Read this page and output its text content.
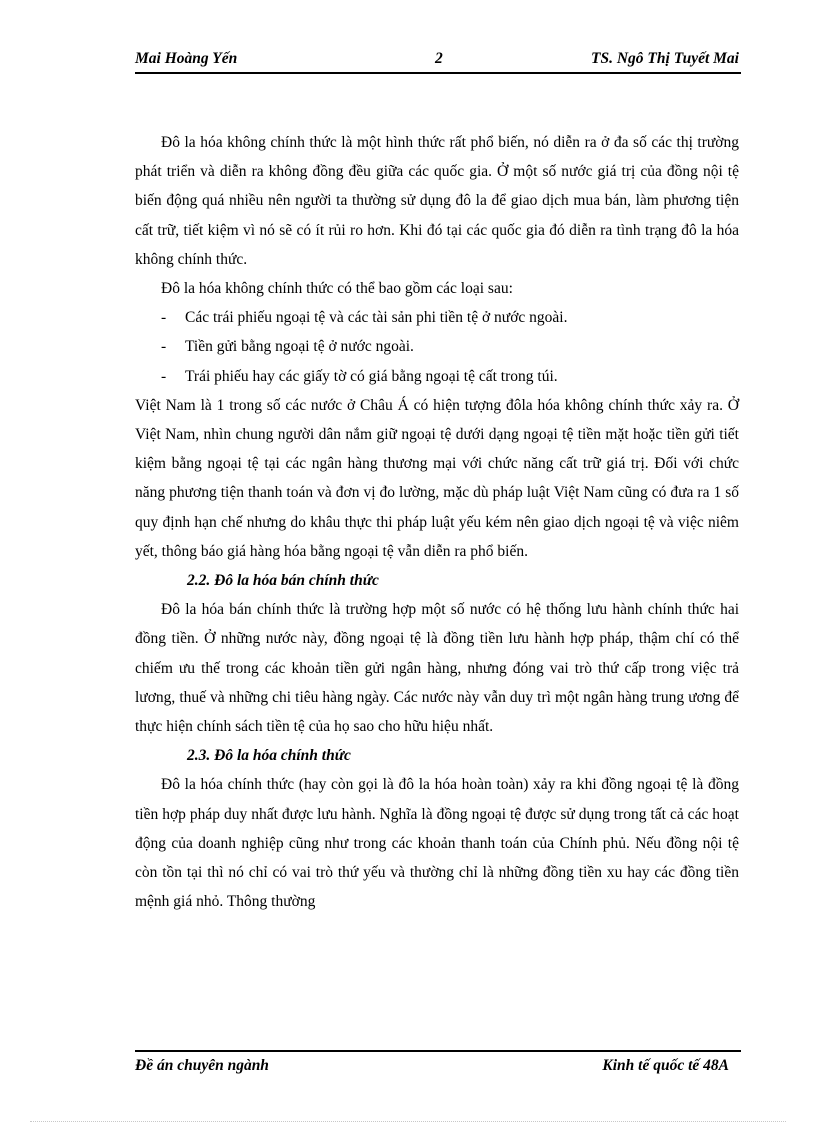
Mai Hoàng Yến	2	TS. Ngô Thị Tuyết Mai

Đô la hóa không chính thức là một hình thức rất phổ biến, nó diễn ra ở đa số các thị trường phát triển và diễn ra không đồng đều giữa các quốc gia. Ở một số nước giá trị của đồng nội tệ biến động quá nhiều nên người ta thường sử dụng đô la để giao dịch mua bán, làm phương tiện cất trữ, tiết kiệm vì nó sẽ có ít rủi ro hơn. Khi đó tại các quốc gia đó diễn ra tình trạng đô la hóa không chính thức.

Đô la hóa không chính thức có thể bao gồm các loại sau:

- Các trái phiếu ngoại tệ và các tài sản phi tiền tệ ở nước ngoài.
- Tiền gửi bằng ngoại tệ ở nước ngoài.
- Trái phiếu hay các giấy tờ có giá bằng ngoại tệ cất trong túi.

Việt Nam là 1 trong số các nước ở Châu Á có hiện tượng đôla hóa không chính thức xảy ra. Ở Việt Nam, nhìn chung người dân nắm giữ ngoại tệ dưới dạng ngoại tệ tiền mặt hoặc tiền gửi tiết kiệm bằng ngoại tệ tại các ngân hàng thương mại với chức năng cất trữ giá trị. Đối với chức năng phương tiện thanh toán và đơn vị đo lường, mặc dù pháp luật Việt Nam cũng có đưa ra 1 số quy định hạn chế nhưng do khâu thực thi pháp luật yếu kém nên giao dịch ngoại tệ và việc niêm yết, thông báo giá hàng hóa bằng ngoại tệ vẫn diễn ra phổ biến.

2.2. Đô la hóa bán chính thức

Đô la hóa bán chính thức là trường hợp một số nước có hệ thống lưu hành chính thức hai đồng tiền. Ở những nước này, đồng ngoại tệ là đồng tiền lưu hành hợp pháp, thậm chí có thể chiếm ưu thế trong các khoản tiền gửi ngân hàng, nhưng đóng vai trò thứ cấp trong việc trả lương, thuế và những chi tiêu hàng ngày. Các nước này vẫn duy trì một ngân hàng trung ương để thực hiện chính sách tiền tệ của họ sao cho hữu hiệu nhất.

2.3. Đô la hóa chính thức

Đô la hóa chính thức (hay còn gọi là đô la hóa hoàn toàn) xảy ra khi đồng ngoại tệ là đồng tiền hợp pháp duy nhất được lưu hành. Nghĩa là đồng ngoại tệ được sử dụng trong tất cả các hoạt động của doanh nghiệp cũng như trong các khoản thanh toán của Chính phủ. Nếu đồng nội tệ còn tồn tại thì nó chỉ có vai trò thứ yếu và thường chỉ là những đồng tiền xu hay các đồng tiền mệnh giá nhỏ. Thông thường

Đề án chuyên ngành	Kinh tế quốc tế 48A
